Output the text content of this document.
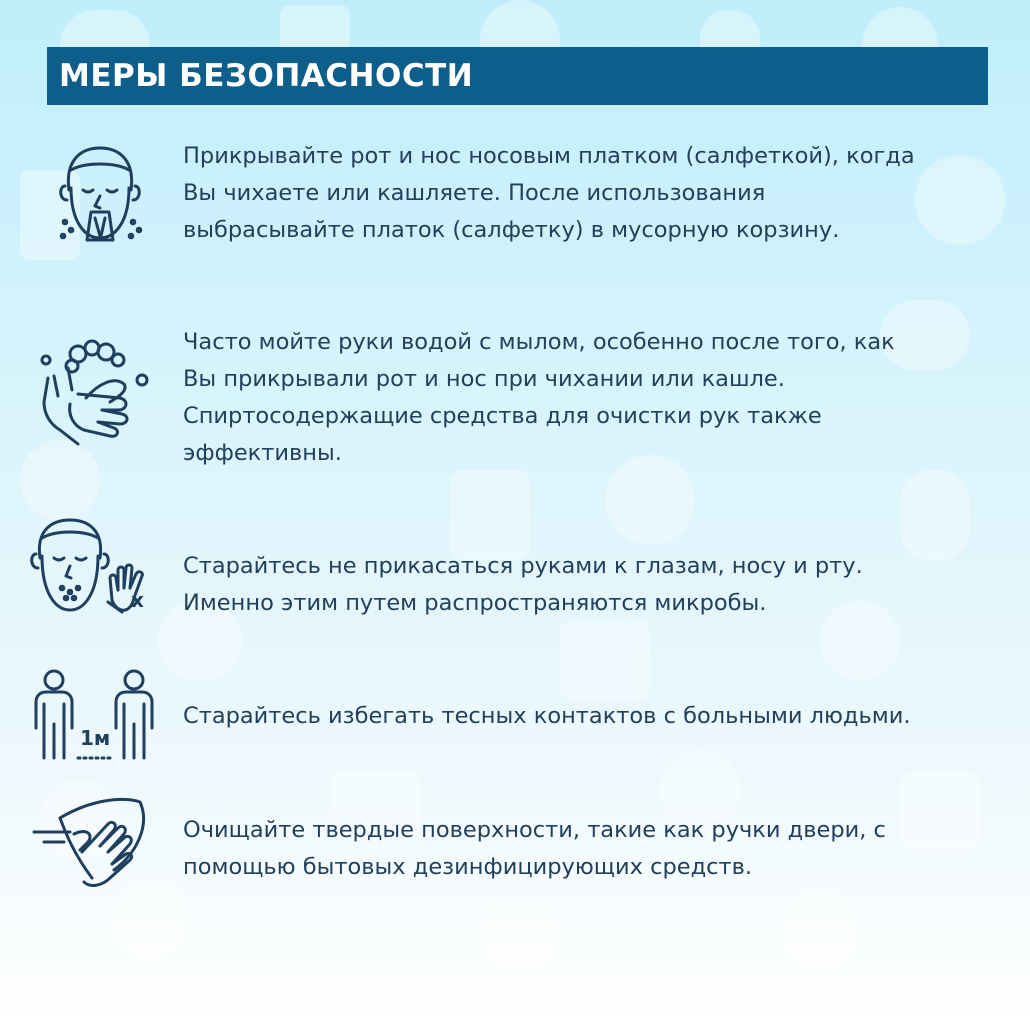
МЕРЫ БЕЗОПАСНОСТИ
Прикрывайте рот и нос носовым платком (салфеткой), когда
Вы чихаете или кашляете. После использования
выбрасывайте платок (салфетку) в мусорную корзину.
Часто мойте руки водой с мылом, особенно после того, как
Вы прикрывали рот и нос при чихании или кашле.
Спиртосодержащие средства для очистки рук также
эффективны.
x
Старайтесь не прикасаться руками к глазам, носу и рту.
Именно этим путем распространяются микробы.
1м
Старайтесь избегать тесных контактов с больными людьми.
Очищайте твердые поверхности, такие как ручки двери, с
помощью бытовых дезинфицирующих средств.
